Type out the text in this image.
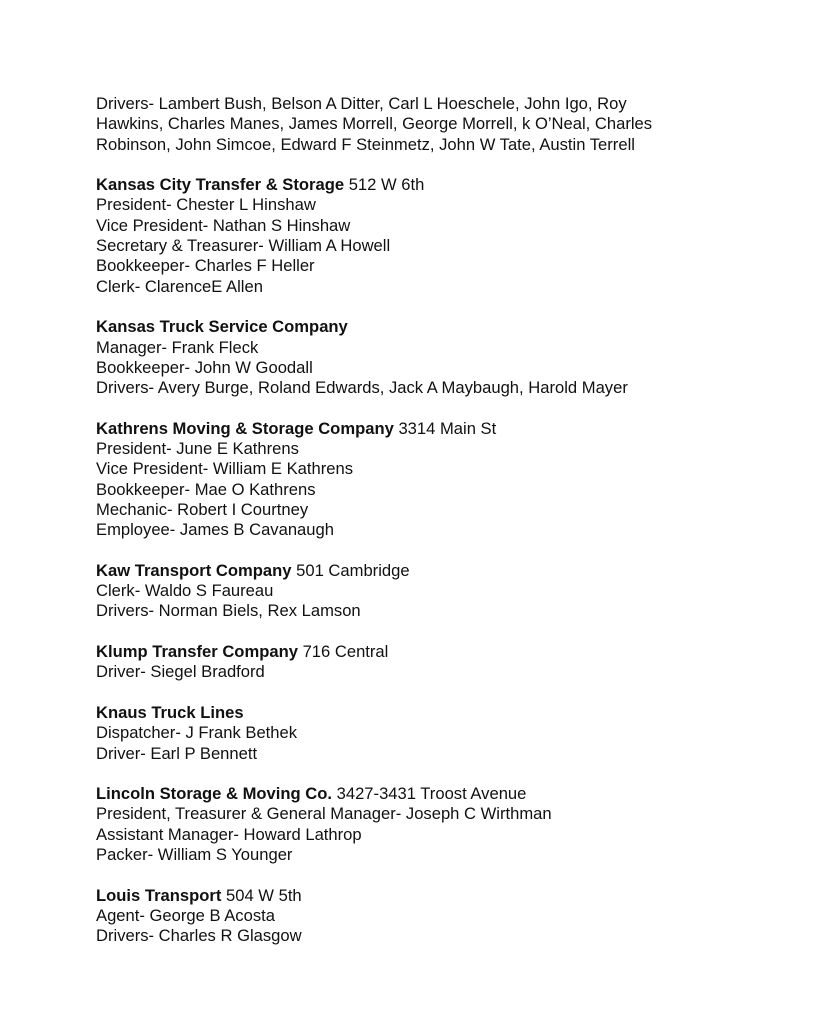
Drivers- Lambert Bush, Belson A Ditter, Carl L Hoeschele, John Igo, Roy
Hawkins, Charles Manes, James Morrell, George Morrell, k O’Neal, Charles
Robinson, John Simcoe, Edward F Steinmetz, John W Tate, Austin Terrell
Kansas City Transfer & Storage 512 W 6th
President- Chester L Hinshaw
Vice President- Nathan S Hinshaw
Secretary & Treasurer- William A Howell
Bookkeeper- Charles F Heller
Clerk- ClarenceE Allen
Kansas Truck Service Company
Manager- Frank Fleck
Bookkeeper- John W Goodall
Drivers- Avery Burge, Roland Edwards, Jack A Maybaugh, Harold Mayer
Kathrens Moving & Storage Company 3314 Main St
President- June E Kathrens
Vice President- William E Kathrens
Bookkeeper- Mae O Kathrens
Mechanic- Robert I Courtney
Employee- James B Cavanaugh
Kaw Transport Company 501 Cambridge
Clerk- Waldo S Faureau
Drivers- Norman Biels, Rex Lamson
Klump Transfer Company 716 Central
Driver- Siegel Bradford
Knaus Truck Lines
Dispatcher- J Frank Bethek
Driver- Earl P Bennett
Lincoln Storage & Moving Co. 3427-3431 Troost Avenue
President, Treasurer & General Manager- Joseph C Wirthman
Assistant Manager- Howard Lathrop
Packer- William S Younger
Louis Transport 504 W 5th
Agent- George B Acosta
Drivers- Charles R Glasgow
